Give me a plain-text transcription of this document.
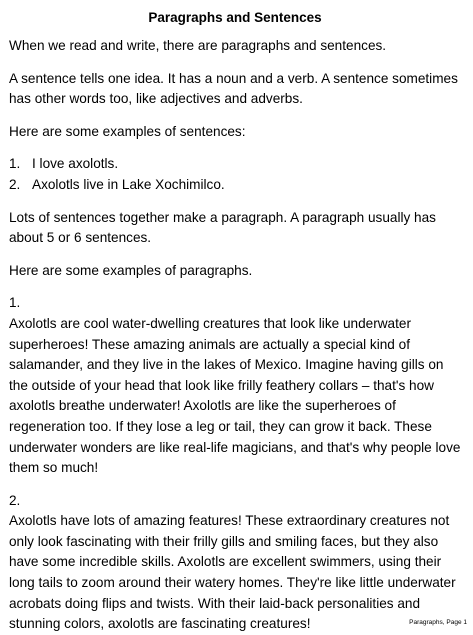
Paragraphs and Sentences

When we read and write, there are paragraphs and sentences.

A sentence tells one idea. It has a noun and a verb. A sentence sometimes has other words too, like adjectives and adverbs.

Here are some examples of sentences:

1. I love axolotls.
2. Axolotls live in Lake Xochimilco.

Lots of sentences together make a paragraph. A paragraph usually has about 5 or 6 sentences.

Here are some examples of paragraphs.

1.
Axolotls are cool water-dwelling creatures that look like underwater superheroes! These amazing animals are actually a special kind of salamander, and they live in the lakes of Mexico. Imagine having gills on the outside of your head that look like frilly feathery collars – that's how axolotls breathe underwater! Axolotls are like the superheroes of regeneration too. If they lose a leg or tail, they can grow it back. These underwater wonders are like real-life magicians, and that's why people love them so much!
2.
Axolotls have lots of amazing features! These extraordinary creatures not only look fascinating with their frilly gills and smiling faces, but they also have some incredible skills. Axolotls are excellent swimmers, using their long tails to zoom around their watery homes. They're like little underwater acrobats doing flips and twists. With their laid-back personalities and stunning colors, axolotls are fascinating creatures!	Paragraphs, Page 1
